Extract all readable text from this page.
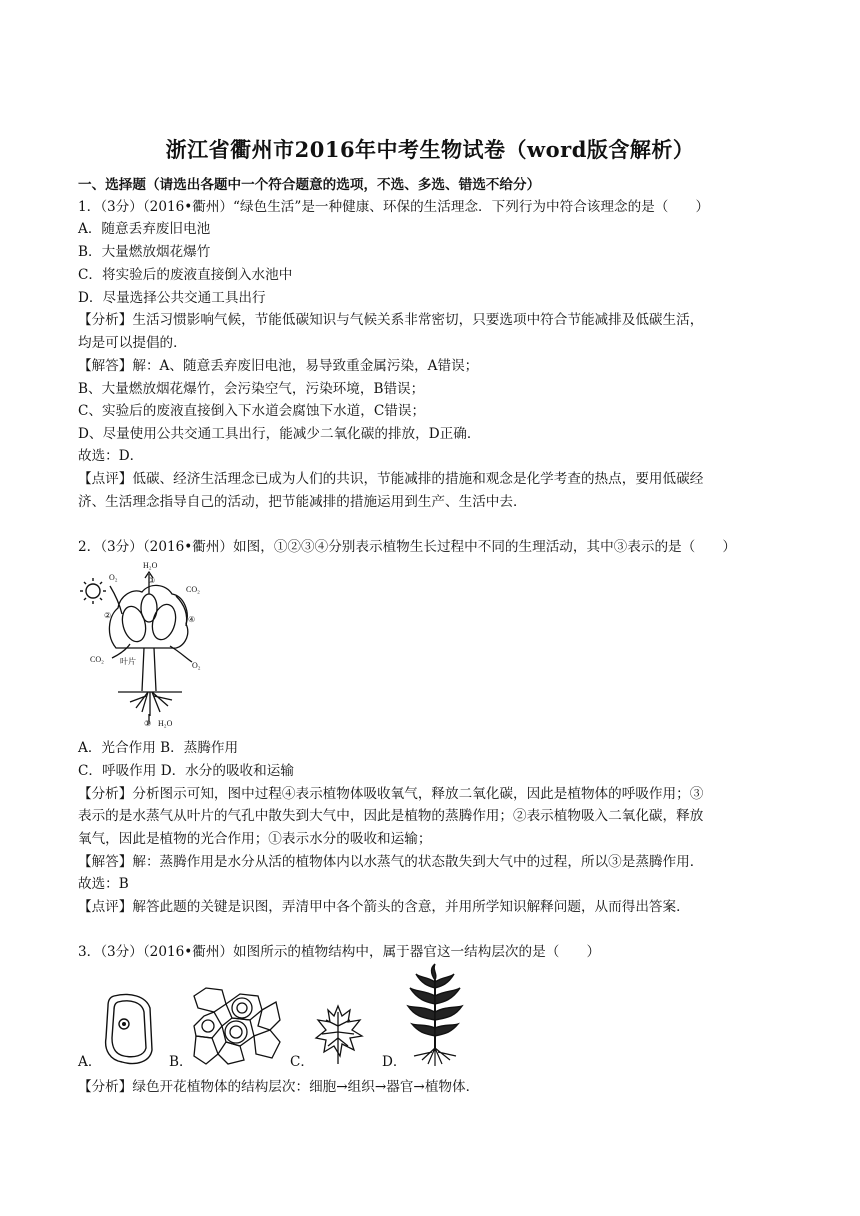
浙江省衢州市2016年中考生物试卷（word版含解析）
一、选择题（请选出各题中一个符合题意的选项，不选、多选、错选不给分）
1．（3分）（2016•衢州）“绿色生活”是一种健康、环保的生活理念．下列行为中符合该理念的是（　　）
A．随意丢弃废旧电池
B．大量燃放烟花爆竹
C．将实验后的废液直接倒入水池中
D．尽量选择公共交通工具出行
【分析】生活习惯影响气候，节能低碳知识与气候关系非常密切，只要选项中符合节能减排及低碳生活，
均是可以提倡的．
【解答】解：A、随意丢弃废旧电池，易导致重金属污染，A错误；
B、大量燃放烟花爆竹，会污染空气，污染环境，B错误；
C、实验后的废液直接倒入下水道会腐蚀下水道，C错误；
D、尽量使用公共交通工具出行，能减少二氧化碳的排放，D正确．
故选：D．
【点评】低碳、经济生活理念已成为人们的共识，节能减排的措施和观念是化学考查的热点，要用低碳经
济、生活理念指导自己的活动，把节能减排的措施运用到生产、生活中去．
2．（3分）（2016•衢州）如图，①②③④分别表示植物生长过程中不同的生理活动，其中③表示的是（　　）
H₂O
③
O₂
CO₂
②	④
CO₂ 叶片	O₂
① H₂O
A．光合作用 B．蒸腾作用
C．呼吸作用 D．水分的吸收和运输
【分析】分析图示可知，图中过程④表示植物体吸收氧气，释放二氧化碳，因此是植物体的呼吸作用；③
表示的是水蒸气从叶片的气孔中散失到大气中，因此是植物的蒸腾作用；②表示植物吸入二氧化碳，释放
氧气，因此是植物的光合作用；①表示水分的吸收和运输；
【解答】解：蒸腾作用是水分从活的植物体内以水蒸气的状态散失到大气中的过程，所以③是蒸腾作用．
故选：B
【点评】解答此题的关键是识图，弄清甲中各个箭头的含意，并用所学知识解释问题，从而得出答案．
3．（3分）（2016•衢州）如图所示的植物结构中，属于器官这一结构层次的是（　　）
A．	B．	C．	D．
【分析】绿色开花植物体的结构层次：细胞→组织→器官→植物体．
